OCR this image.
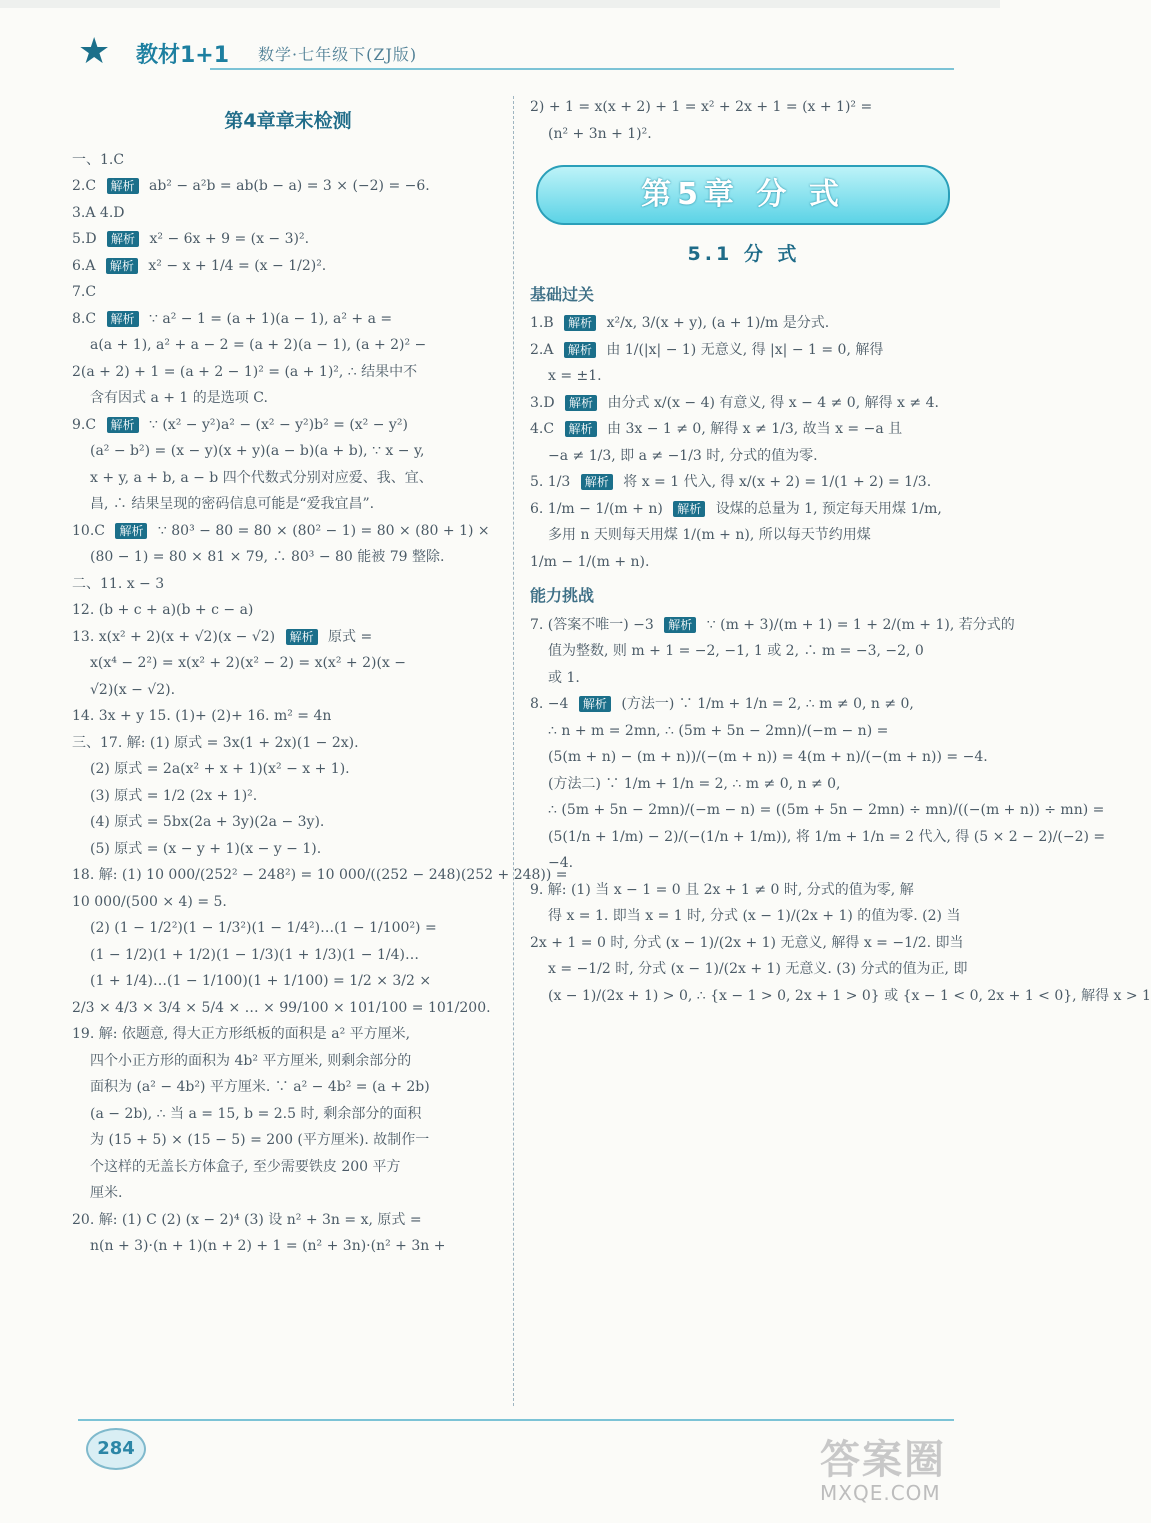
★ 教材1+1 数学·七年级下(ZJ版)
第4章章末检测
一、1.C
2.C 解析 ab² − a²b = ab(b − a) = 3 × (−2) = −6.
3.A 4.D
5.D 解析 x² − 6x + 9 = (x − 3)².
6.A 解析 x² − x + 1/4 = (x − 1/2)².
7.C
8.C 解析 ∵ a² − 1 = (a + 1)(a − 1), a² + a =
a(a + 1), a² + a − 2 = (a + 2)(a − 1), (a + 2)² −
2(a + 2) + 1 = (a + 2 − 1)² = (a + 1)², ∴ 结果中不
含有因式 a + 1 的是选项 C.
9.C 解析 ∵ (x² − y²)a² − (x² − y²)b² = (x² − y²)
(a² − b²) = (x − y)(x + y)(a − b)(a + b), ∵ x − y,
x + y, a + b, a − b 四个代数式分别对应爱、我、宜、
昌, ∴ 结果呈现的密码信息可能是“爱我宜昌”.
10.C 解析 ∵ 80³ − 80 = 80 × (80² − 1) = 80 × (80 + 1) ×
(80 − 1) = 80 × 81 × 79, ∴ 80³ − 80 能被 79 整除.
二、11. x − 3
12. (b + c + a)(b + c − a)
13. x(x² + 2)(x + √2)(x − √2) 解析 原式 =
x(x⁴ − 2²) = x(x² + 2)(x² − 2) = x(x² + 2)(x −
√2)(x − √2).
14. 3x + y 15. (1)+ (2)+ 16. m² = 4n
三、17. 解: (1) 原式 = 3x(1 + 2x)(1 − 2x).
(2) 原式 = 2a(x² + x + 1)(x² − x + 1).
(3) 原式 = 1/2 (2x + 1)².
(4) 原式 = 5bx(2a + 3y)(2a − 3y).
(5) 原式 = (x − y + 1)(x − y − 1).
18. 解: (1) 10 000/(252² − 248²) = 10 000/((252 − 248)(252 + 248)) =
10 000/(500 × 4) = 5.
(2) (1 − 1/2²)(1 − 1/3²)(1 − 1/4²)…(1 − 1/100²) =
(1 − 1/2)(1 + 1/2)(1 − 1/3)(1 + 1/3)(1 − 1/4)…
(1 + 1/4)…(1 − 1/100)(1 + 1/100) = 1/2 × 3/2 ×
2/3 × 4/3 × 3/4 × 5/4 × … × 99/100 × 101/100 = 101/200.
19. 解: 依题意, 得大正方形纸板的面积是 a² 平方厘米,
四个小正方形的面积为 4b² 平方厘米, 则剩余部分的
面积为 (a² − 4b²) 平方厘米. ∵ a² − 4b² = (a + 2b)
(a − 2b), ∴ 当 a = 15, b = 2.5 时, 剩余部分的面积
为 (15 + 5) × (15 − 5) = 200 (平方厘米). 故制作一
个这样的无盖长方体盒子, 至少需要铁皮 200 平方
厘米.
20. 解: (1) C (2) (x − 2)⁴ (3) 设 n² + 3n = x, 原式 =
n(n + 3)·(n + 1)(n + 2) + 1 = (n² + 3n)·(n² + 3n +
2) + 1 = x(x + 2) + 1 = x² + 2x + 1 = (x + 1)² =
(n² + 3n + 1)².
第5章 分 式
5.1 分 式
基础过关
1.B 解析 x²/x, 3/(x + y), (a + 1)/m 是分式.
2.A 解析 由 1/(|x| − 1) 无意义, 得 |x| − 1 = 0, 解得
x = ±1.
3.D 解析 由分式 x/(x − 4) 有意义, 得 x − 4 ≠ 0, 解得 x ≠ 4.
4.C 解析 由 3x − 1 ≠ 0, 解得 x ≠ 1/3, 故当 x = −a 且
−a ≠ 1/3, 即 a ≠ −1/3 时, 分式的值为零.
5. 1/3 解析 将 x = 1 代入, 得 x/(x + 2) = 1/(1 + 2) = 1/3.
6. 1/m − 1/(m + n) 解析 设煤的总量为 1, 预定每天用煤 1/m,
多用 n 天则每天用煤 1/(m + n), 所以每天节约用煤
1/m − 1/(m + n).
能力挑战
7. (答案不唯一) −3 解析 ∵ (m + 3)/(m + 1) = 1 + 2/(m + 1), 若分式的
值为整数, 则 m + 1 = −2, −1, 1 或 2, ∴ m = −3, −2, 0
或 1.
8. −4 解析 (方法一) ∵ 1/m + 1/n = 2, ∴ m ≠ 0, n ≠ 0,
∴ n + m = 2mn, ∴ (5m + 5n − 2mn)/(−m − n) =
(5(m + n) − (m + n))/(−(m + n)) = 4(m + n)/(−(m + n)) = −4.
(方法二) ∵ 1/m + 1/n = 2, ∴ m ≠ 0, n ≠ 0,
∴ (5m + 5n − 2mn)/(−m − n) = ((5m + 5n − 2mn) ÷ mn)/((−(m + n)) ÷ mn) =
(5(1/n + 1/m) − 2)/(−(1/n + 1/m)), 将 1/m + 1/n = 2 代入, 得 (5 × 2 − 2)/(−2) =
−4.
9. 解: (1) 当 x − 1 = 0 且 2x + 1 ≠ 0 时, 分式的值为零, 解
得 x = 1. 即当 x = 1 时, 分式 (x − 1)/(2x + 1) 的值为零. (2) 当
2x + 1 = 0 时, 分式 (x − 1)/(2x + 1) 无意义, 解得 x = −1/2. 即当
x = −1/2 时, 分式 (x − 1)/(2x + 1) 无意义. (3) 分式的值为正, 即
(x − 1)/(2x + 1) > 0, ∴ {x − 1 > 0, 2x + 1 > 0} 或 {x − 1 < 0, 2x + 1 < 0}, 解得 x > 1
284	答案圈
MXQE.COM
